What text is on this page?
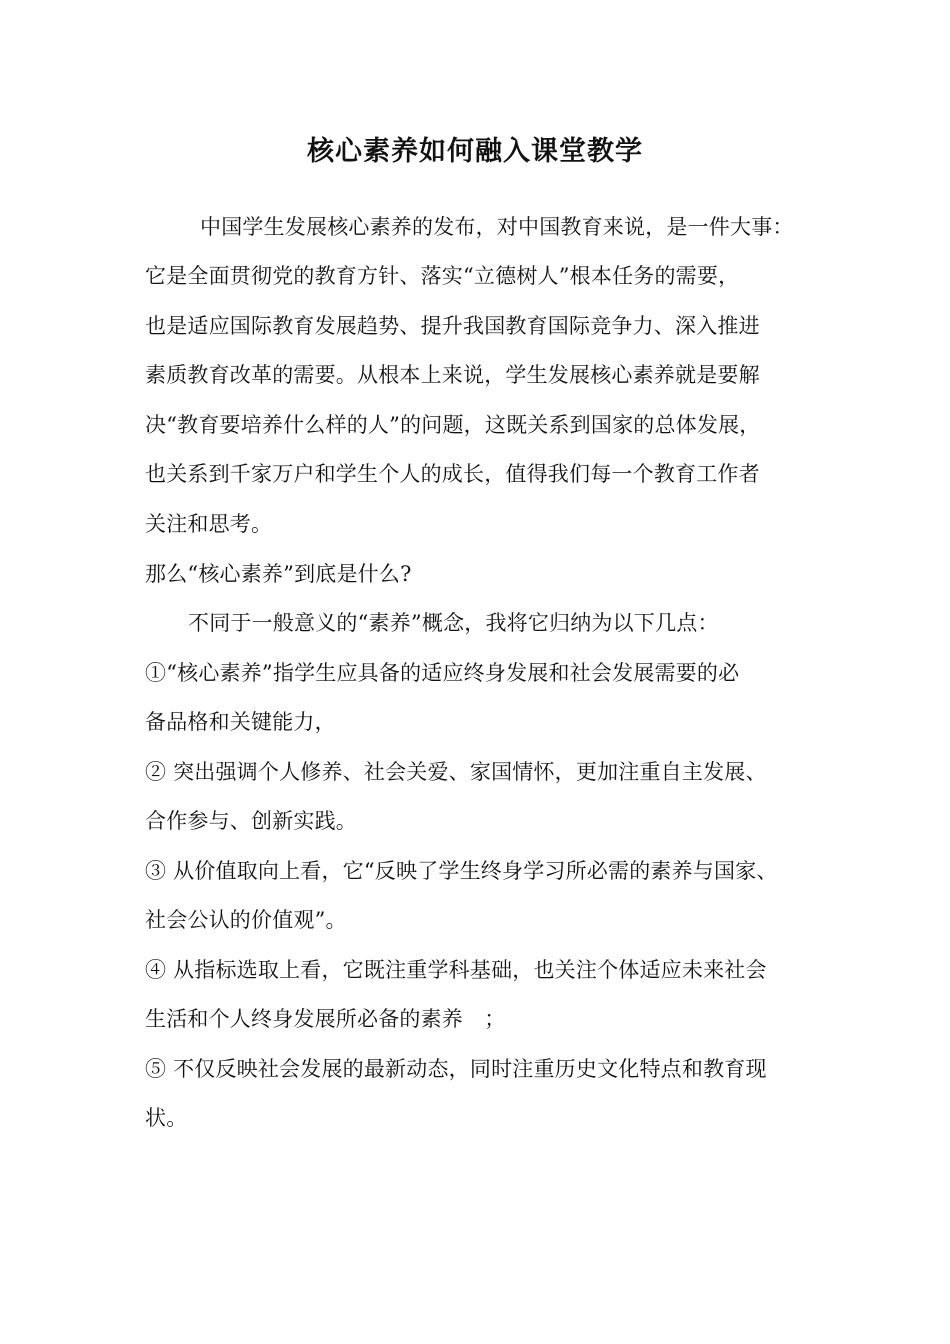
核心素养如何融入课堂教学
中国学生发展核心素养的发布，对中国教育来说，是一件大事：
它是全面贯彻党的教育方针、落实“立德树人”根本任务的需要，
也是适应国际教育发展趋势、提升我国教育国际竞争力、深入推进
素质教育改革的需要。从根本上来说，学生发展核心素养就是要解
决“教育要培养什么样的人”的问题，这既关系到国家的总体发展，
也关系到千家万户和学生个人的成长，值得我们每一个教育工作者
关注和思考。
那么“核心素养”到底是什么?
不同于一般意义的“素养”概念，我将它归纳为以下几点：
①“核心素养”指学生应具备的适应终身发展和社会发展需要的必
备品格和关键能力，
② 突出强调个人修养、社会关爱、家国情怀，更加注重自主发展、
合作参与、创新实践。
③ 从价值取向上看，它“反映了学生终身学习所必需的素养与国家、
社会公认的价值观”。
④ 从指标选取上看，它既注重学科基础，也关注个体适应未来社会
生活和个人终身发展所必备的素养　；
⑤ 不仅反映社会发展的最新动态，同时注重历史文化特点和教育现
状。
